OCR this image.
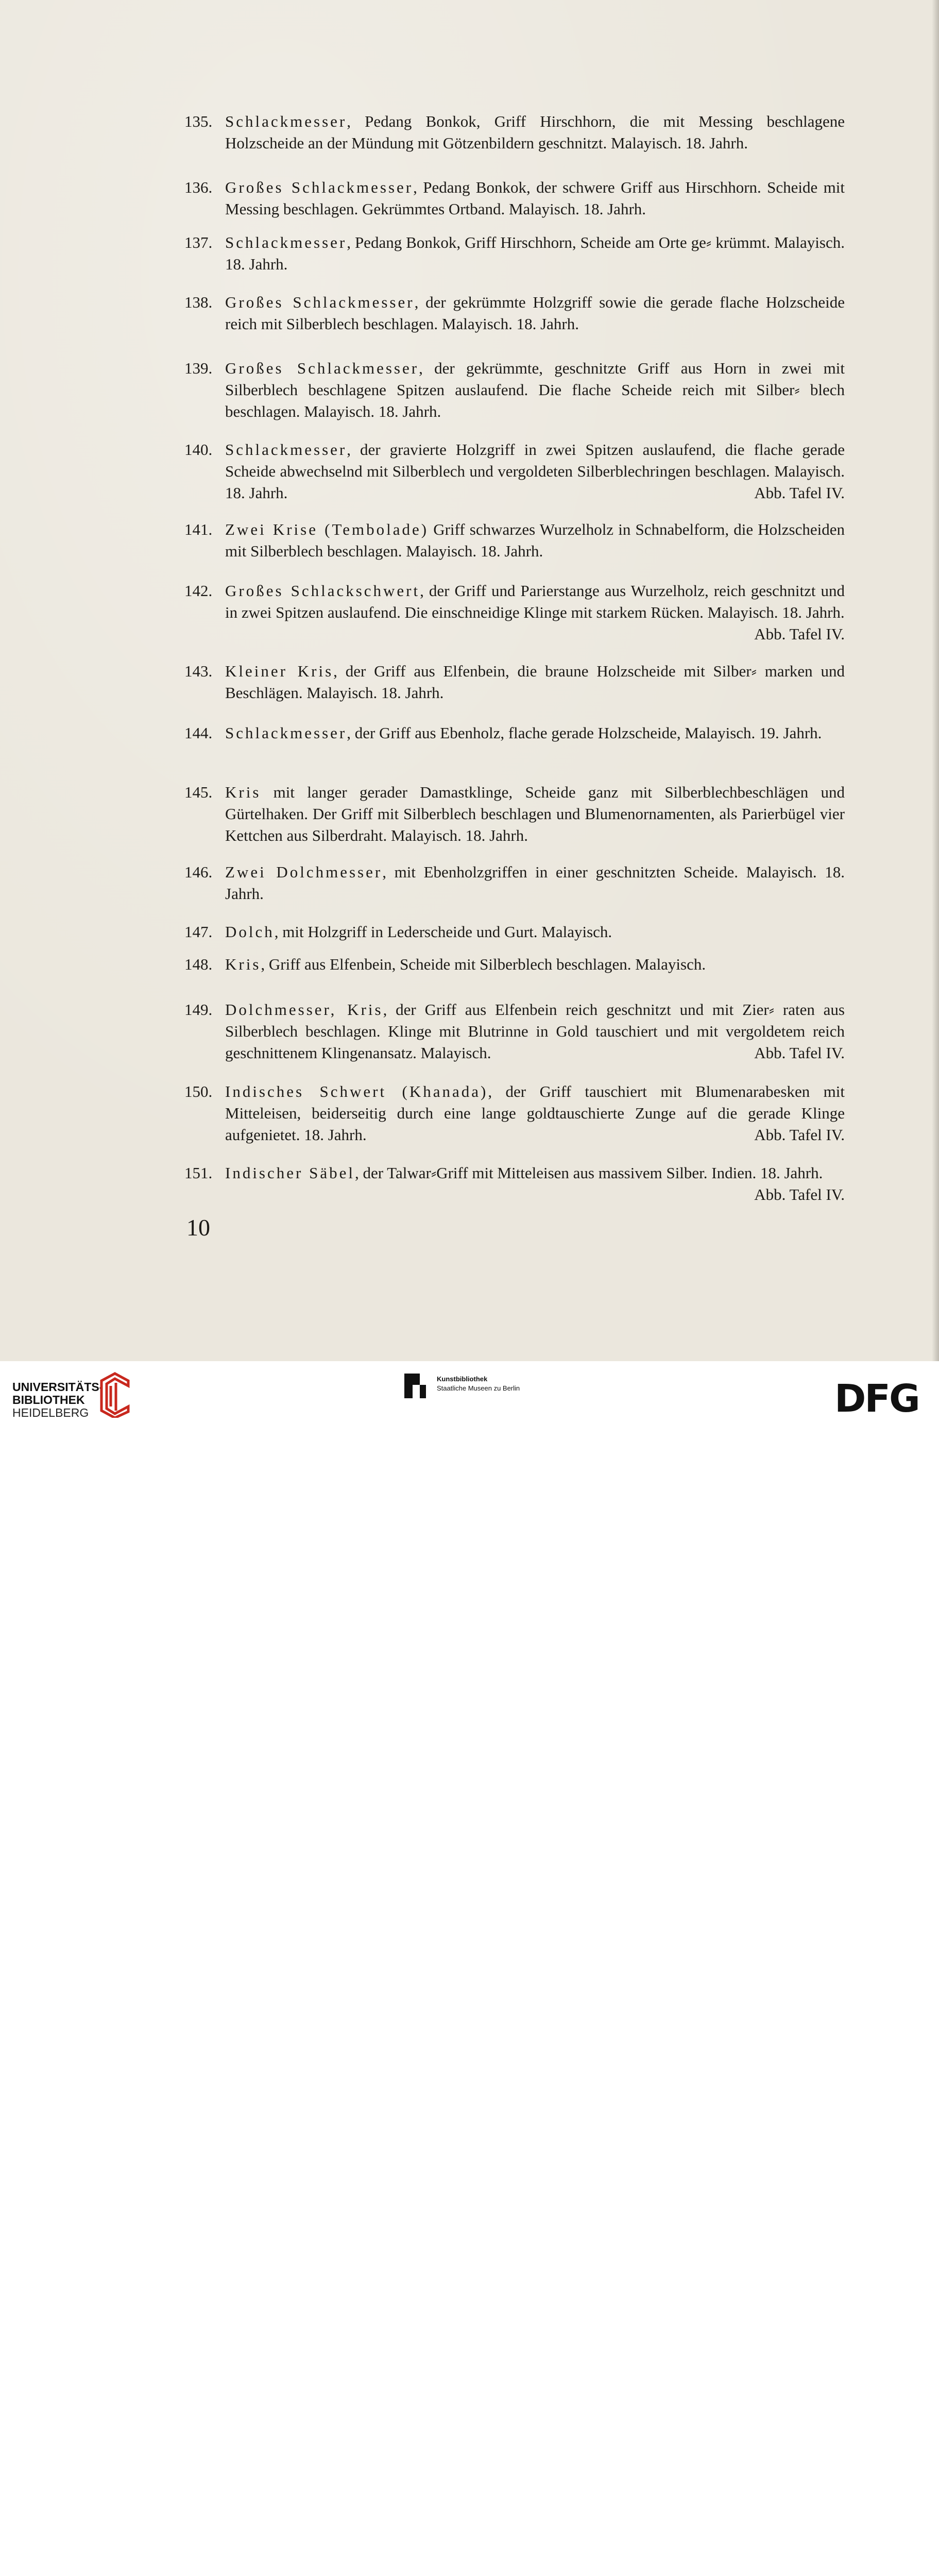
135. Schlackmesser, Pedang Bonkok, Griff Hirschhorn, die mit Messing beschlagene Holzscheide an der Mündung mit Götzenbildern geschnitzt. Malayisch. 18. Jahrh.
136. Großes Schlackmesser, Pedang Bonkok, der schwere Griff aus Hirschhorn. Scheide mit Messing beschlagen. Gekrümmtes Ortband. Malayisch. 18. Jahrh.
137. Schlackmesser, Pedang Bonkok, Griff Hirschhorn, Scheide am Orte ge⸗ krümmt. Malayisch. 18. Jahrh.
138. Großes Schlackmesser, der gekrümmte Holzgriff sowie die gerade flache Holzscheide reich mit Silberblech beschlagen. Malayisch. 18. Jahrh.
139. Großes Schlackmesser, der gekrümmte, geschnitzte Griff aus Horn in zwei mit Silberblech beschlagene Spitzen auslaufend. Die flache Scheide reich mit Silber⸗ blech beschlagen. Malayisch. 18. Jahrh.
140. Schlackmesser, der gravierte Holzgriff in zwei Spitzen auslaufend, die flache gerade Scheide abwechselnd mit Silberblech und vergoldeten Silberblechringen beschlagen. Malayisch. 18. Jahrh.	Abb. Tafel IV.
141. Zwei Krise (Tembolade) Griff schwarzes Wurzelholz in Schnabelform, die Holzscheiden mit Silberblech beschlagen. Malayisch. 18. Jahrh.
142. Großes Schlackschwert, der Griff und Parierstange aus Wurzelholz, reich geschnitzt und in zwei Spitzen auslaufend. Die einschneidige Klinge mit starkem Rücken. Malayisch. 18. Jahrh.
Abb. Tafel IV.
143. Kleiner Kris, der Griff aus Elfenbein, die braune Holzscheide mit Silber⸗ marken und Beschlägen. Malayisch. 18. Jahrh.
144. Schlackmesser, der Griff aus Ebenholz, flache gerade Holzscheide, Malayisch. 19. Jahrh.
145. Kris mit langer gerader Damastklinge, Scheide ganz mit Silberblechbeschlägen und Gürtelhaken. Der Griff mit Silberblech beschlagen und Blumenornamenten, als Parierbügel vier Kettchen aus Silberdraht. Malayisch. 18. Jahrh.
146. Zwei Dolchmesser, mit Ebenholzgriffen in einer geschnitzten Scheide. Malayisch. 18. Jahrh.
147. Dolch, mit Holzgriff in Lederscheide und Gurt. Malayisch.
148. Kris, Griff aus Elfenbein, Scheide mit Silberblech beschlagen. Malayisch.
149. Dolchmesser, Kris, der Griff aus Elfenbein reich geschnitzt und mit Zier⸗ raten aus Silberblech beschlagen. Klinge mit Blutrinne in Gold tauschiert und mit vergoldetem reich geschnittenem Klingenansatz. Malayisch.	Abb. Tafel IV.
150. Indisches Schwert (Khanada), der Griff tauschiert mit Blumenarabesken mit Mitteleisen, beiderseitig durch eine lange goldtauschierte Zunge auf die gerade Klinge aufgenietet. 18. Jahrh.	Abb. Tafel IV.
151. Indischer Säbel, der Talwar⸗Griff mit Mitteleisen aus massivem Silber. Indien. 18. Jahrh.
Abb. Tafel IV.
10
UNIVERSITÄTS-
BIBLIOTHEK
HEIDELBERG
Kunstbibliothek
Staatliche Museen zu Berlin	DFG
